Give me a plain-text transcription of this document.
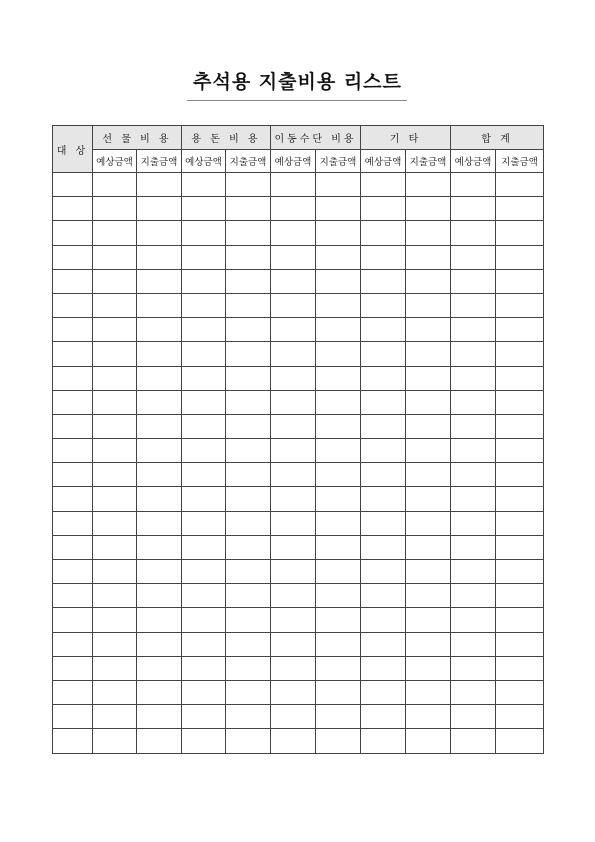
추석용 지출비용 리스트
대 상	선 물 비 용		용 돈 비 용		이동수단 비용		기 타		합 계	
	예상금액	지출금액	예상금액	지출금액	예상금액	지출금액	예상금액	지출금액	예상금액	지출금액
